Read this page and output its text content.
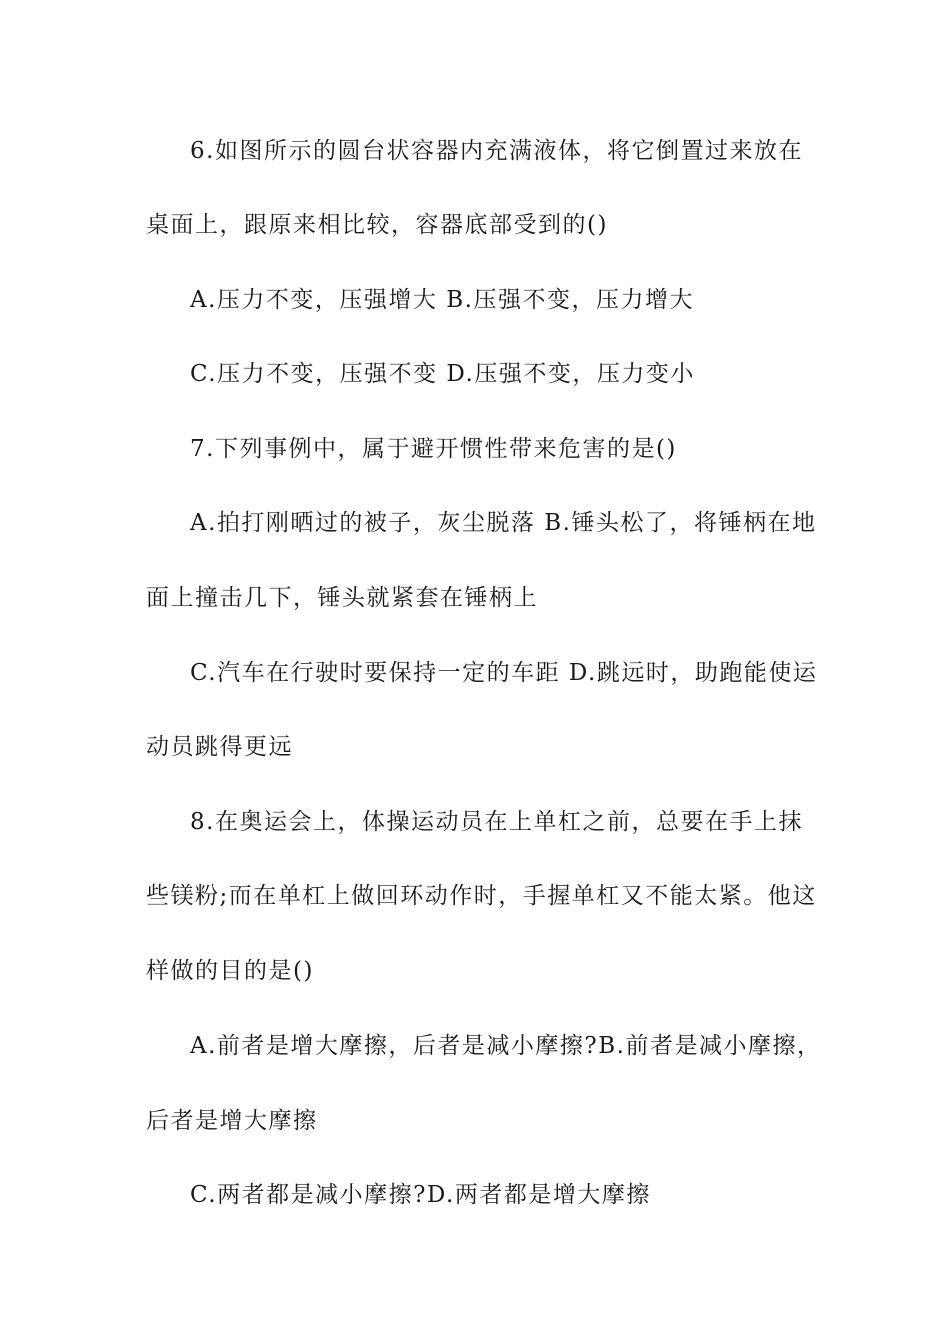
6.如图所示的圆台状容器内充满液体，将它倒置过来放在
桌面上，跟原来相比较，容器底部受到的()
A.压力不变，压强增大 B.压强不变，压力增大
C.压力不变，压强不变 D.压强不变，压力变小
7.下列事例中，属于避开惯性带来危害的是()
A.拍打刚晒过的被子，灰尘脱落 B.锤头松了，将锤柄在地
面上撞击几下，锤头就紧套在锤柄上
C.汽车在行驶时要保持一定的车距 D.跳远时，助跑能使运
动员跳得更远
8.在奥运会上，体操运动员在上单杠之前，总要在手上抹
些镁粉;而在单杠上做回环动作时，手握单杠又不能太紧。他这
样做的目的是()
A.前者是增大摩擦，后者是减小摩擦?B.前者是减小摩擦，
后者是增大摩擦
C.两者都是减小摩擦?D.两者都是增大摩擦
